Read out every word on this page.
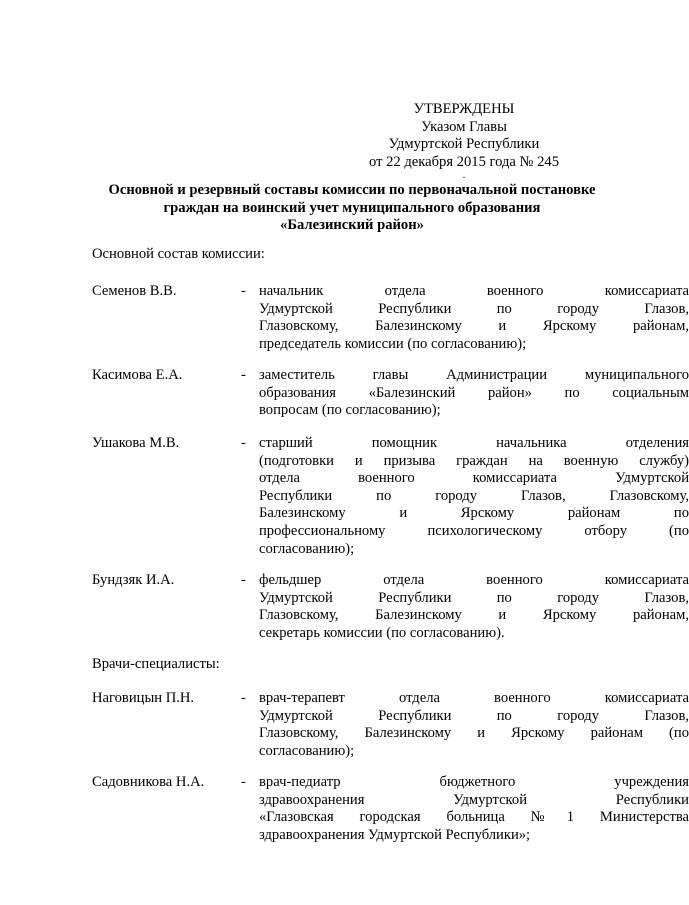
УТВЕРЖДЕНЫ
Указом Главы
Удмуртской Республики
от 22 декабря 2015 года № 245
.
Основной и резервный составы комиссии по первоначальной постановке
граждан на воинский учет муниципального образования
«Балезинский район»
Основной состав комиссии:
Семенов В.В.	- начальник отдела военного комиссариата
Удмуртской Республики по городу Глазов,
Глазовскому, Балезинскому и Ярскому районам,
председатель комиссии (по согласованию);
Касимова Е.А.	- заместитель главы Администрации муниципального
образования «Балезинский район» по социальным
вопросам (по согласованию);
Ушакова М.В.	- старший помощник начальника отделения
(подготовки и призыва граждан на военную службу)
отдела военного комиссариата Удмуртской
Республики по городу Глазов, Глазовскому,
Балезинскому и Ярскому районам по
профессиональному психологическому отбору (по
согласованию);
Бундзяк И.А.	- фельдшер отдела военного комиссариата
Удмуртской Республики по городу Глазов,
Глазовскому, Балезинскому и Ярскому районам,
секретарь комиссии (по согласованию).
Врачи-специалисты:
Наговицын П.Н.	- врач-терапевт отдела военного комиссариата
Удмуртской Республики по городу Глазов,
Глазовскому, Балезинскому и Ярскому районам (по
согласованию);
Садовникова Н.А.	- врач-педиатр бюджетного учреждения
здравоохранения Удмуртской Республики
«Глазовская городская больница №1 Министерства
здравоохранения Удмуртской Республики»;
